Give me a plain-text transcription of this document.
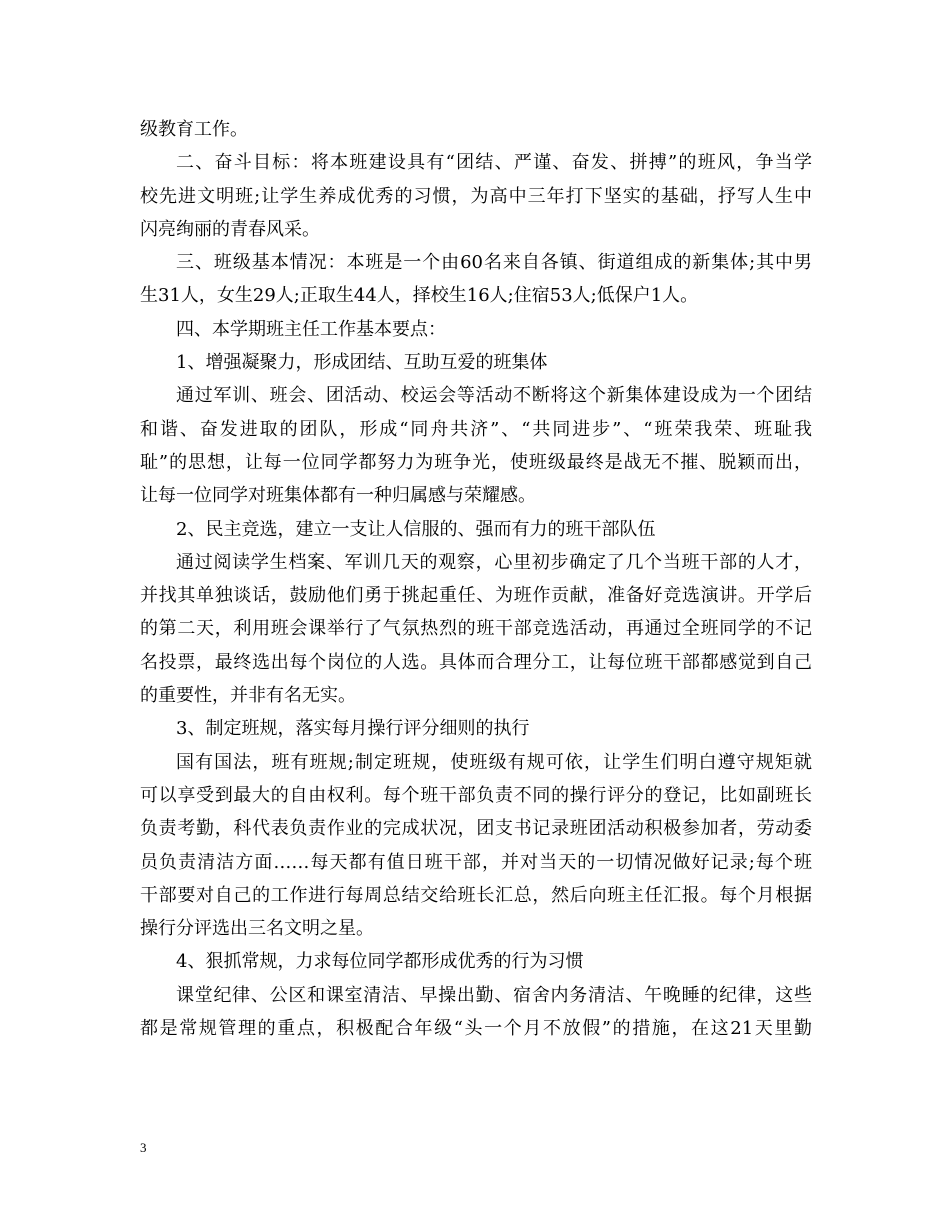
级教育工作。
二、奋斗目标：将本班建设具有“团结、严谨、奋发、拼搏”的班风，争当学
校先进文明班;让学生养成优秀的习惯，为高中三年打下坚实的基础，抒写人生中
闪亮绚丽的青春风采。
三、班级基本情况：本班是一个由60名来自各镇、街道组成的新集体;其中男
生31人，女生29人;正取生44人，择校生16人;住宿53人;低保户1人。
四、本学期班主任工作基本要点：
1、增强凝聚力，形成团结、互助互爱的班集体
通过军训、班会、团活动、校运会等活动不断将这个新集体建设成为一个团结
和谐、奋发进取的团队，形成“同舟共济”、“共同进步”、“班荣我荣、班耻我
耻”的思想，让每一位同学都努力为班争光，使班级最终是战无不摧、脱颖而出，
让每一位同学对班集体都有一种归属感与荣耀感。
2、民主竞选，建立一支让人信服的、强而有力的班干部队伍
通过阅读学生档案、军训几天的观察，心里初步确定了几个当班干部的人才，
并找其单独谈话，鼓励他们勇于挑起重任、为班作贡献，准备好竞选演讲。开学后
的第二天，利用班会课举行了气氛热烈的班干部竞选活动，再通过全班同学的不记
名投票，最终选出每个岗位的人选。具体而合理分工，让每位班干部都感觉到自己
的重要性，并非有名无实。
3、制定班规，落实每月操行评分细则的执行
国有国法，班有班规;制定班规，使班级有规可依，让学生们明白遵守规矩就
可以享受到最大的自由权利。每个班干部负责不同的操行评分的登记，比如副班长
负责考勤，科代表负责作业的完成状况，团支书记录班团活动积极参加者，劳动委
员负责清洁方面……每天都有值日班干部，并对当天的一切情况做好记录;每个班
干部要对自己的工作进行每周总结交给班长汇总，然后向班主任汇报。每个月根据
操行分评选出三名文明之星。
4、狠抓常规，力求每位同学都形成优秀的行为习惯
课堂纪律、公区和课室清洁、早操出勤、宿舍内务清洁、午晚睡的纪律，这些
都是常规管理的重点，积极配合年级“头一个月不放假”的措施，在这21天里勤
3
